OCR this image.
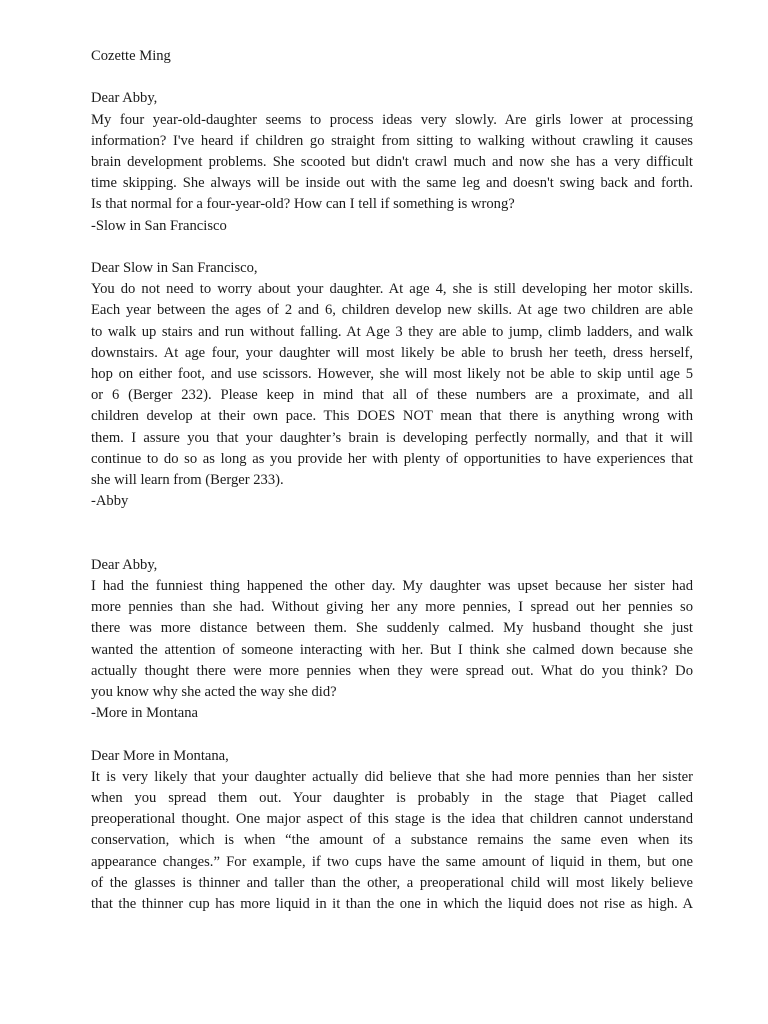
Cozette Ming
Dear Abby,
My four year-old-daughter seems to process ideas very slowly. Are girls lower at processing
information? I've heard if children go straight from sitting to walking without crawling it causes
brain development problems. She scooted but didn't crawl much and now she has a very difficult
time skipping. She always will be inside out with the same leg and doesn't swing back and forth.
Is that normal for a four-year-old? How can I tell if something is wrong?
-Slow in San Francisco
Dear Slow in San Francisco,
You do not need to worry about your daughter. At age 4, she is still developing her motor skills.
Each year between the ages of 2 and 6, children develop new skills. At age two children are able
to walk up stairs and run without falling. At Age 3 they are able to jump, climb ladders, and walk
downstairs. At age four, your daughter will most likely be able to brush her teeth, dress herself,
hop on either foot, and use scissors. However, she will most likely not be able to skip until age 5
or 6 (Berger 232). Please keep in mind that all of these numbers are a proximate, and all
children develop at their own pace. This DOES NOT mean that there is anything wrong with
them. I assure you that your daughter’s brain is developing perfectly normally, and that it will
continue to do so as long as you provide her with plenty of opportunities to have experiences that
she will learn from (Berger 233).
-Abby
Dear Abby,
I had the funniest thing happened the other day. My daughter was upset because her sister had
more pennies than she had. Without giving her any more pennies, I spread out her pennies so
there was more distance between them. She suddenly calmed. My husband thought she just
wanted the attention of someone interacting with her. But I think she calmed down because she
actually thought there were more pennies when they were spread out. What do you think? Do
you know why she acted the way she did?
-More in Montana
Dear More in Montana,
It is very likely that your daughter actually did believe that she had more pennies than her sister
when you spread them out. Your daughter is probably in the stage that Piaget called
preoperational thought. One major aspect of this stage is the idea that children cannot understand
conservation, which is when “the amount of a substance remains the same even when its
appearance changes.” For example, if two cups have the same amount of liquid in them, but one
of the glasses is thinner and taller than the other, a preoperational child will most likely believe
that the thinner cup has more liquid in it than the one in which the liquid does not rise as high. A
